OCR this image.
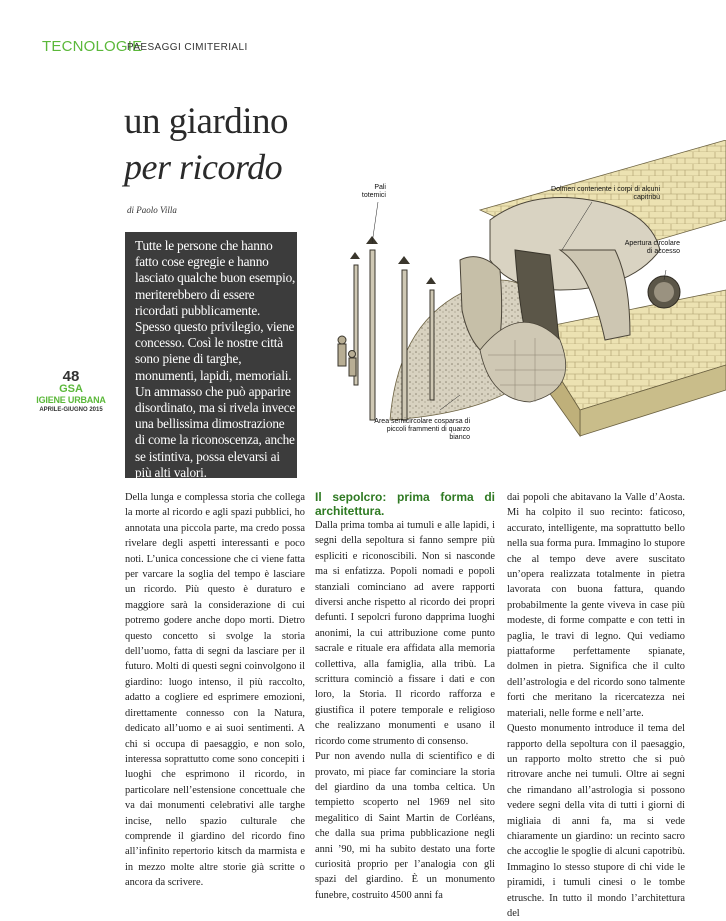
TECNOLOGIE
PAESAGGI CIMITERIALI
un giardino
per ricordo
di Paolo Villa

Tutte le persone che hanno fatto cose egregie e hanno lasciato qualche buon esempio, meriterebbero di essere ricordati pubblicamente. Spesso questo privilegio, viene concesso. Così le nostre città sono piene di targhe, monumenti, lapidi, memoriali. Un ammasso che può apparire disordinato, ma si rivela invece una bellissima dimostrazione di come la riconoscenza, anche se istintiva, possa elevarsi ai più alti valori.

48
GSA
IGIENE URBANA
APRILE-GIUGNO 2015
Pali totemici
Dolmen contenente i corpi di alcuni capitribù
Apertura circolare di accesso
Area semicircolare cosparsa di piccoli frammenti di quarzo bianco

Della lunga e complessa storia che collega la morte al ricordo e agli spazi pubblici, ho annotata una piccola parte, ma credo possa rivelare degli aspetti interessanti e poco noti. L’unica concessione che ci viene fatta per varcare la soglia del tempo è lasciare un ricordo. Più questo è duraturo e maggiore sarà la considerazione di cui potremo godere anche dopo morti. Dietro questo concetto si svolge la storia dell’uomo, fatta di segni da lasciare per il futuro. Molti di questi segni coinvolgono il giardino: luogo intenso, il più raccolto, adatto a cogliere ed esprimere emozioni, direttamente connesso con la Natura, dedicato all’uomo e ai suoi sentimenti. A chi si occupa di paesaggio, e non solo, interessa soprattutto come sono concepiti i luoghi che esprimono il ricordo, in particolare nell’estensione concettuale che va dai monumenti celebrativi alle targhe incise, nello spazio culturale che comprende il giardino del ricordo fino all’infinito repertorio kitsch da marmista e in mezzo molte altre storie già scritte o ancora da scrivere.

Il sepolcro: prima forma di architettura.

Dalla prima tomba ai tumuli e alle lapidi, i segni della sepoltura si fanno sempre più espliciti e riconoscibili. Non si nasconde ma si enfatizza. Popoli nomadi e popoli stanziali cominciano ad avere rapporti diversi anche rispetto al ricordo dei propri defunti. I sepolcri furono dapprima luoghi anonimi, la cui attribuzione come punto sacrale e rituale era affidata alla memoria collettiva, alla famiglia, alla tribù. La scrittura cominciò a fissare i dati e con loro, la Storia. Il ricordo rafforza e giustifica il potere temporale e religioso che realizzano monumenti e usano il ricordo come strumento di consenso.

Pur non avendo nulla di scientifico e di provato, mi piace far cominciare la storia del giardino da una tomba celtica. Un tempietto scoperto nel 1969 nel sito megalitico di Saint Martin de Corléans, che dalla sua prima pubblicazione negli anni ’90, mi ha subito destato una forte curiosità proprio per l’analogia con gli spazi del giardino. È un monumento funebre, costruito 4500 anni fa

dai popoli che abitavano la Valle d’Aosta. Mi ha colpito il suo recinto: faticoso, accurato, intelligente, ma soprattutto bello nella sua forma pura. Immagino lo stupore che al tempo deve avere suscitato un’opera realizzata totalmente in pietra lavorata con buona fattura, quando probabilmente la gente viveva in case più modeste, di forme compatte e con tetti in paglia, le travi di legno. Qui vediamo piattaforme perfettamente spianate, dolmen in pietra. Significa che il culto dell’astrologia e del ricordo sono talmente forti che meritano la ricercatezza nei materiali, nelle forme e nell’arte.

Questo monumento introduce il tema del rapporto della sepoltura con il paesaggio, un rapporto molto stretto che si può ritrovare anche nei tumuli. Oltre ai segni che rimandano all’astrologia si possono vedere segni della vita di tutti i giorni di migliaia di anni fa, ma si vede chiaramente un giardino: un recinto sacro che accoglie le spoglie di alcuni capotribù. Immagino lo stesso stupore di chi vide le piramidi, i tumuli cinesi o le tombe etrusche. In tutto il mondo l’architettura del
